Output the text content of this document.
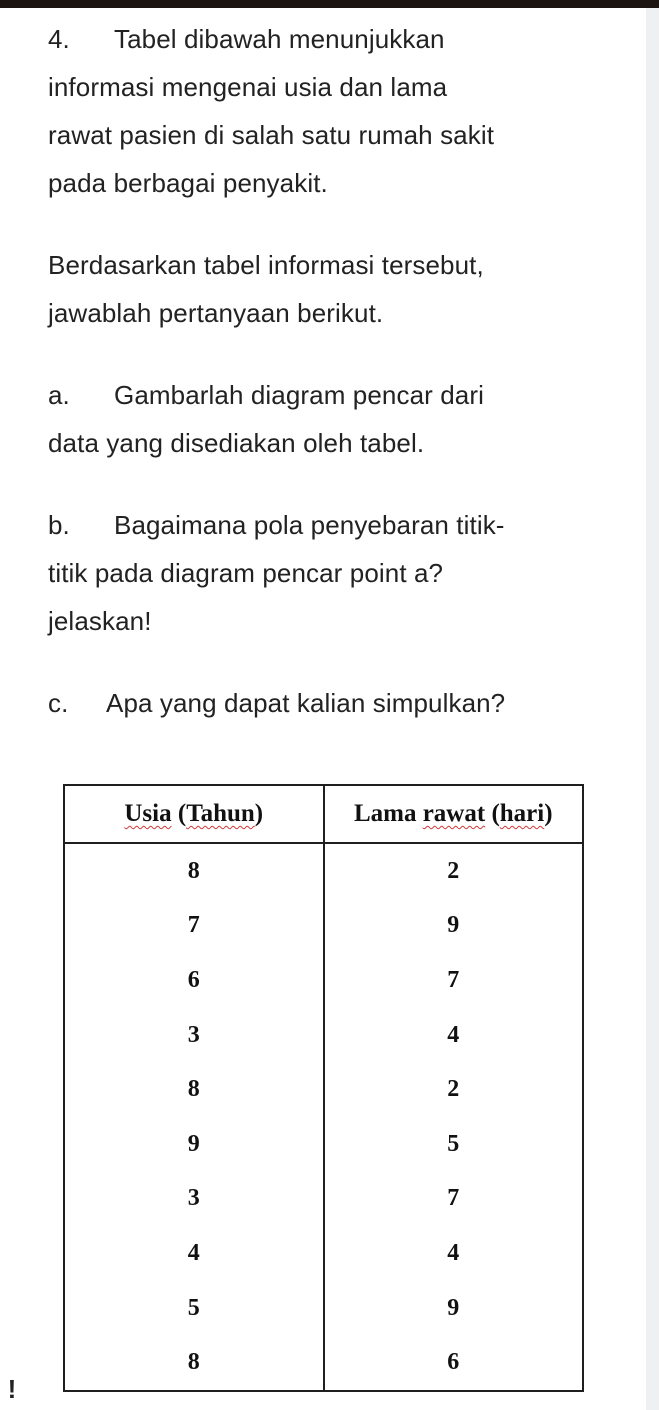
4. Tabel dibawah menunjukkan

informasi mengenai usia dan lama

rawat pasien di salah satu rumah sakit

pada berbagai penyakit.

Berdasarkan tabel informasi tersebut,

jawablah pertanyaan berikut.

a. Gambarlah diagram pencar dari

data yang disediakan oleh tabel.

b. Bagaimana pola penyebaran titik-

titik pada diagram pencar point a?

jelaskan!

c. Apa yang dapat kalian simpulkan?

Usia (Tahun)	Lama rawat (hari)
8	2
7	9
6	7
3	4
8	2
9	5
3	7
4	4
5	9
8	6
!
